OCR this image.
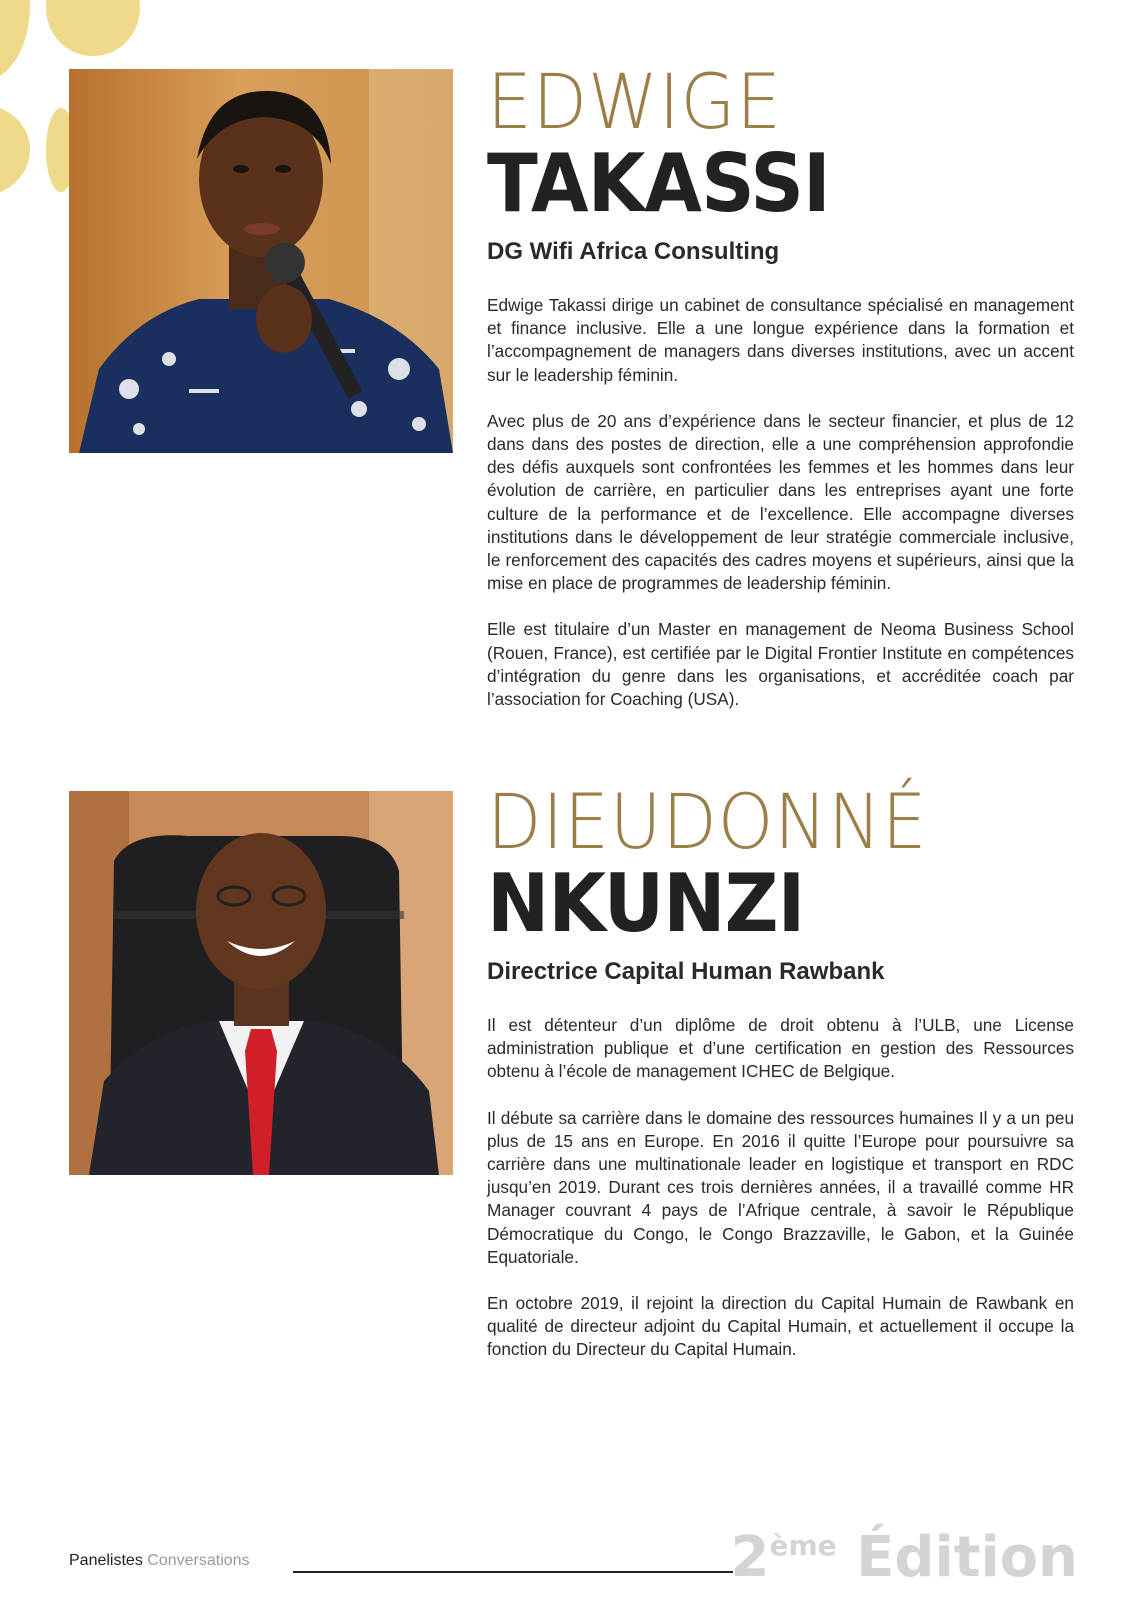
EDWIGE
TAKASSI
DG Wifi Africa Consulting

Edwige Takassi dirige un cabinet de consultance spécialisé en management et finance inclusive. Elle a une longue expérience dans la formation et l’accompagnement de managers dans diverses institutions, avec un accent sur le leadership féminin.

Avec plus de 20 ans d’expérience dans le secteur financier, et plus de 12 dans dans des postes de direction, elle a une compréhension approfondie des défis auxquels sont confrontées les femmes et les hommes dans leur évolution de carrière, en particulier dans les entreprises ayant une forte culture de la performance et de l’excellence. Elle accompagne diverses institutions dans le développement de leur stratégie commerciale inclusive, le renforcement des capacités des cadres moyens et supérieurs, ainsi que la mise en place de programmes de leadership féminin.

Elle est titulaire d’un Master en management de Neoma Business School (Rouen, France), est certifiée par le Digital Frontier Institute en compétences d’intégration du genre dans les organisations, et accréditée coach par l’association for Coaching (USA).

DIEUDONNÉ
NKUNZI
Directrice Capital Human Rawbank

Il est détenteur d’un diplôme de droit obtenu à l’ULB, une License administration publique et d’une certification en gestion des Ressources obtenu à l’école de management ICHEC de Belgique.

Il débute sa carrière dans le domaine des ressources humaines Il y a un peu plus de 15 ans en Europe. En 2016 il quitte l’Europe pour poursuivre sa carrière dans une multinationale leader en logistique et transport en RDC jusqu’en 2019. Durant ces trois dernières années, il a travaillé comme HR Manager couvrant 4 pays de l’Afrique centrale, à savoir le République Démocratique du Congo, le Congo Brazzaville, le Gabon, et la Guinée Equatoriale.

En octobre 2019, il rejoint la direction du Capital Humain de Rawbank en qualité de directeur adjoint du Capital Humain, et actuellement il occupe la fonction du Directeur du Capital Humain.

Panelistes Conversations	2ème Édition
